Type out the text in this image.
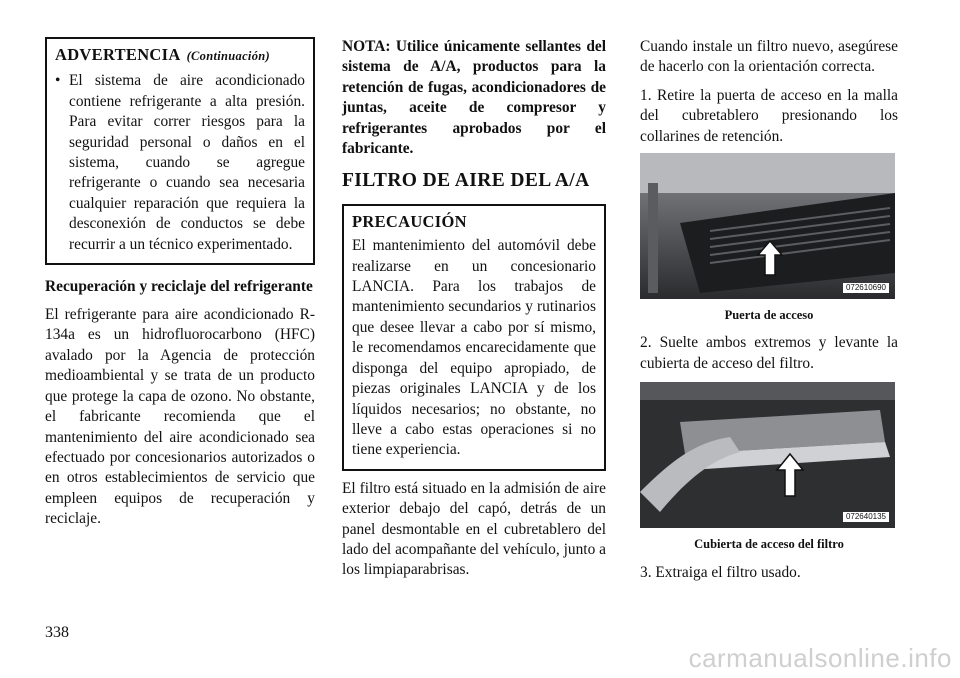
ADVERTENCIA (Continuación)
• El sistema de aire acondicionado contiene refrigerante a alta presión. Para evitar correr riesgos para la seguridad personal o daños en el sistema, cuando se agregue refrigerante o cuando sea necesaria cualquier reparación que requiera la desconexión de conductos se debe recurrir a un técnico experimentado.

Recuperación y reciclaje del refrigerante

El refrigerante para aire acondicionado R-134a es un hidrofluorocarbono (HFC) avalado por la Agencia de protección medioambiental y se trata de un producto que protege la capa de ozono. No obstante, el fabricante recomienda que el mantenimiento del aire acondicionado sea efectuado por concesionarios autorizados o en otros establecimientos de servicio que empleen equipos de recuperación y reciclaje.

NOTA: Utilice únicamente sellantes del sistema de A/A, productos para la retención de fugas, acondicionadores de juntas, aceite de compresor y refrigerantes aprobados por el fabricante.

FILTRO DE AIRE DEL A/A
PRECAUCIÓN

El mantenimiento del automóvil debe realizarse en un concesionario LANCIA. Para los trabajos de mantenimiento secundarios y rutinarios que desee llevar a cabo por sí mismo, le recomendamos encarecidamente que disponga del equipo apropiado, de piezas originales LANCIA y de los líquidos necesarios; no obstante, no lleve a cabo estas operaciones si no tiene experiencia.

El filtro está situado en la admisión de aire exterior debajo del capó, detrás de un panel desmontable en el cubretablero del lado del acompañante del vehículo, junto a los limpiaparabrisas.

Cuando instale un filtro nuevo, asegúrese de hacerlo con la orientación correcta.

1. Retire la puerta de acceso en la malla del cubretablero presionando los collarines de retención.

072610690
Puerta de acceso

2. Suelte ambos extremos y levante la cubierta de acceso del filtro.

072640135
Cubierta de acceso del filtro

3. Extraiga el filtro usado.

338
carmanualsonline.info
